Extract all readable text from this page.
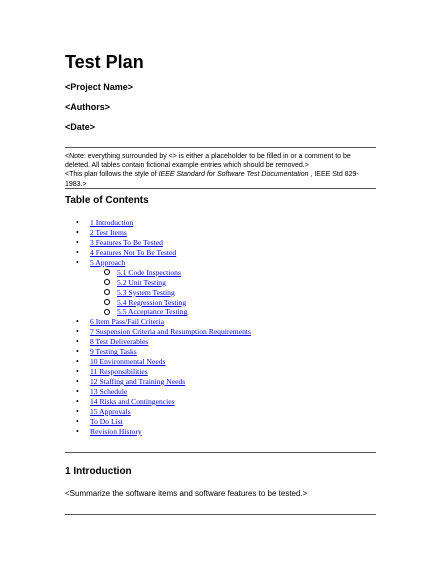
Test Plan
<Project Name>
<Authors>
<Date>
<Note: everything surrounded by <> is either a placeholder to be filled in or a comment to be deleted. All tables contain fictional example entries which should be removed.>
<This plan follows the style of IEEE Standard for Software Test Documentation , IEEE Std 829-1983.>
Table of Contents
• 1 Introduction
• 2 Test Items
• 3 Features To Be Tested
• 4 Features Not To Be Tested
• 5 Approach
5.1 Code Inspections
5.2 Unit Testing
5.3 System Testing
5.4 Regression Testing
5.5 Acceptance Testing
• 6 Item Pass/Fail Criteria
• 7 Suspension Criteria and Resumption Requirements
• 8 Test Deliverables
• 9 Testing Tasks
• 10 Environmental Needs
• 11 Responsibilities
• 12 Staffing and Training Needs
• 13 Schedule
• 14 Risks and Contingencies
• 15 Approvals
• To Do List
• Revision History
1 Introduction
<Summarize the software items and software features to be tested.>
